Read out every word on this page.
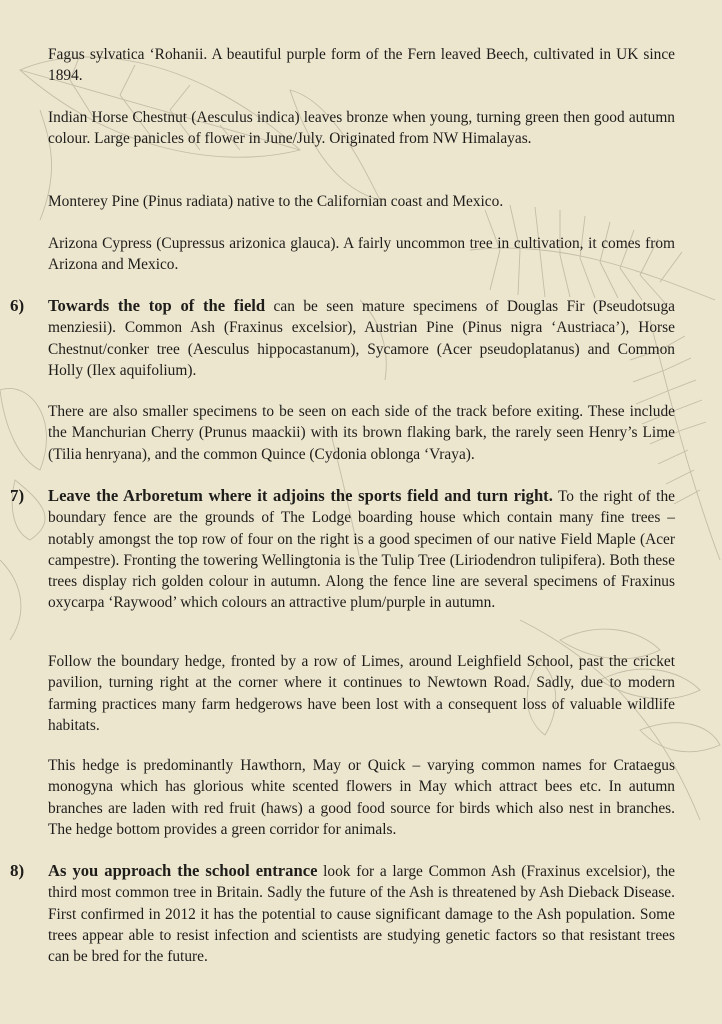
Fagus sylvatica ‘Rohanii. A beautiful purple form of the Fern leaved Beech, cultivated in UK since 1894.

Indian Horse Chestnut (Aesculus indica) leaves bronze when young, turning green then good autumn colour. Large panicles of flower in June/July. Originated from NW Himalayas.

Monterey Pine (Pinus radiata) native to the Californian coast and Mexico.

Arizona Cypress (Cupressus arizonica glauca). A fairly uncommon tree in cultivation, it comes from Arizona and Mexico.

6)	Towards the top of the field can be seen mature specimens of Douglas Fir (Pseudotsuga menziesii). Common Ash (Fraxinus excelsior), Austrian Pine (Pinus nigra ‘Austriaca’), Horse Chestnut/conker tree (Aesculus hippocastanum), Sycamore (Acer pseudoplatanus) and Common Holly (Ilex aquifolium).

There are also smaller specimens to be seen on each side of the track before exiting. These include the Manchurian Cherry (Prunus maackii) with its brown flaking bark, the rarely seen Henry’s Lime (Tilia henryana), and the common Quince (Cydonia oblonga ‘Vraya).

7)	Leave the Arboretum where it adjoins the sports field and turn right. To the right of the boundary fence are the grounds of The Lodge boarding house which contain many fine trees – notably amongst the top row of four on the right is a good specimen of our native Field Maple (Acer campestre). Fronting the towering Wellingtonia is the Tulip Tree (Liriodendron tulipifera). Both these trees display rich golden colour in autumn. Along the fence line are several specimens of Fraxinus oxycarpa ‘Raywood’ which colours an attractive plum/purple in autumn.

Follow the boundary hedge, fronted by a row of Limes, around Leighfield School, past the cricket pavilion, turning right at the corner where it continues to Newtown Road. Sadly, due to modern farming practices many farm hedgerows have been lost with a consequent loss of valuable wildlife habitats.

This hedge is predominantly Hawthorn, May or Quick – varying common names for Crataegus monogyna which has glorious white scented flowers in May which attract bees etc. In autumn branches are laden with red fruit (haws) a good food source for birds which also nest in branches. The hedge bottom provides a green corridor for animals.

8)	As you approach the school entrance look for a large Common Ash (Fraxinus excelsior), the third most common tree in Britain. Sadly the future of the Ash is threatened by Ash Dieback Disease. First confirmed in 2012 it has the potential to cause significant damage to the Ash population. Some trees appear able to resist infection and scientists are studying genetic factors so that resistant trees can be bred for the future.
